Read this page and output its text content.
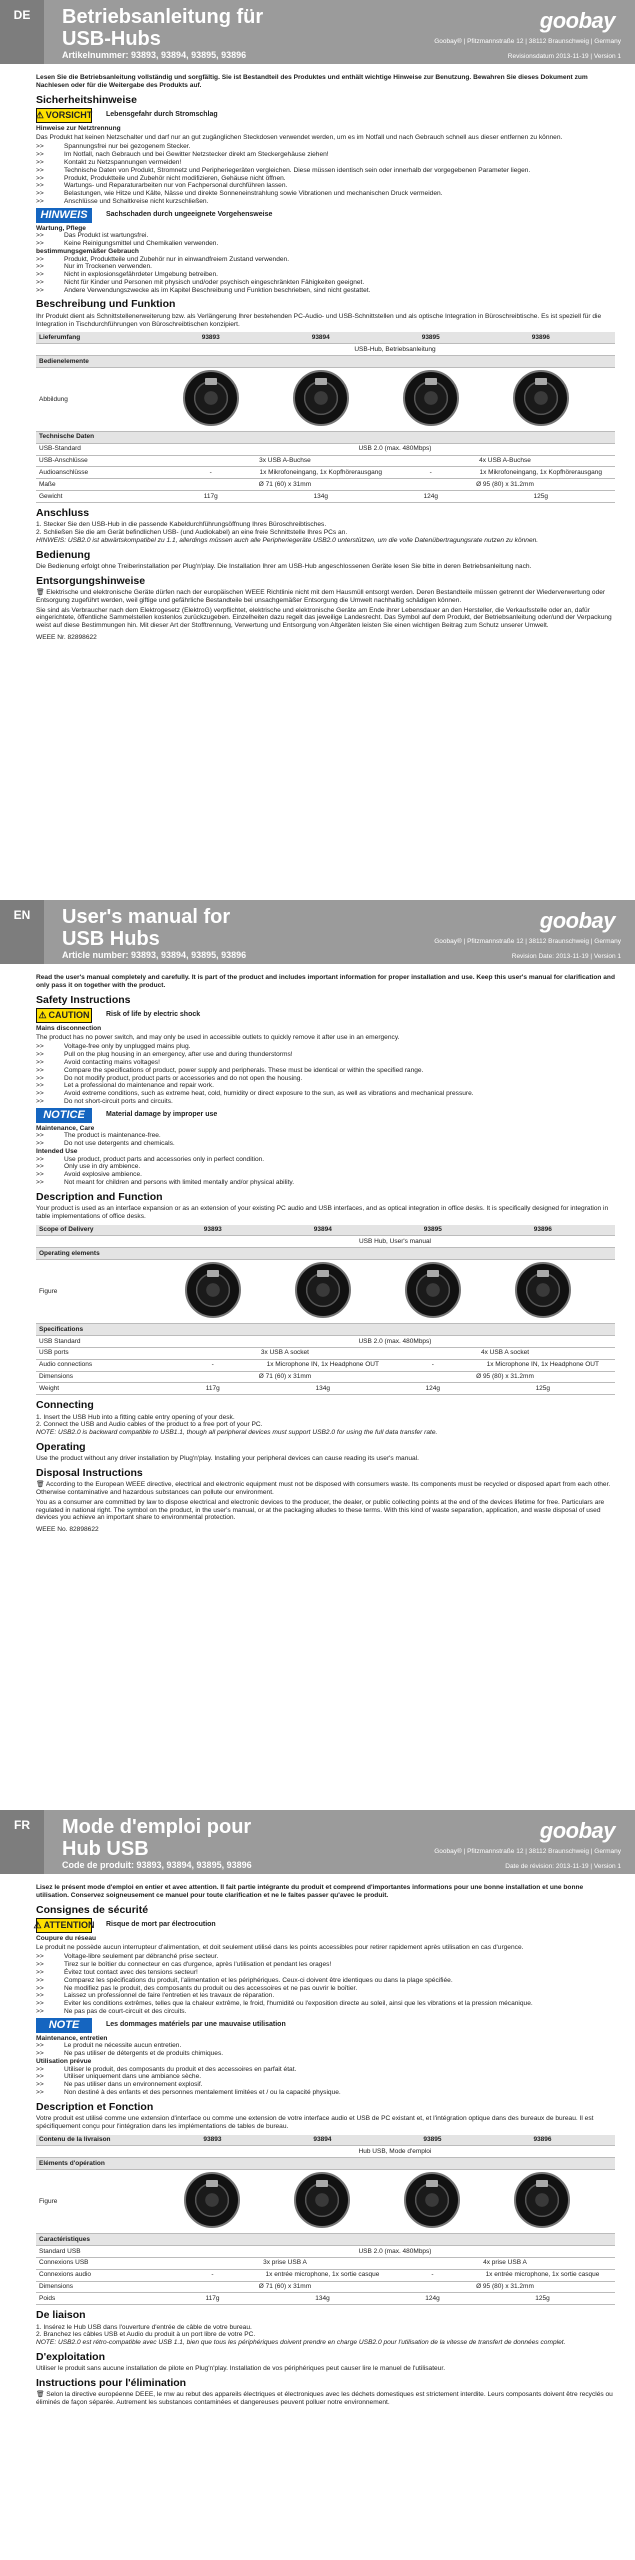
DE	Betriebsanleitung für
USB-Hubs
Artikelnummer: 93893, 93894, 93895, 93896
goobay
Goobay® | Pfitzmannstraße 12 | 38112 Braunschweig | Germany
Revisionsdatum 2013-11-19 | Version 1

Lesen Sie die Betriebsanleitung vollständig und sorgfältig. Sie ist Bestandteil des Produktes und enthält wichtige Hinweise zur Benutzung. Bewahren Sie dieses Dokument zum Nachlesen oder für die Weitergabe des Produkts auf.

Sicherheitshinweise
⚠ VORSICHT Lebensgefahr durch Stromschlag
Hinweise zur Netztrennung
Das Produkt hat keinen Netzschalter und darf nur an gut zugänglichen Steckdosen verwendet werden, um es im Notfall und nach Gebrauch schnell aus dieser entfernen zu können.
>>	Spannungsfrei nur bei gezogenem Stecker.
>>	Im Notfall, nach Gebrauch und bei Gewitter Netzstecker direkt am Steckergehäuse ziehen!
>>	Kontakt zu Netzspannungen vermeiden!
>>	Technische Daten von Produkt, Stromnetz und Peripheriegeräten vergleichen. Diese müssen identisch sein oder innerhalb der vorgegebenen Parameter liegen.
>>	Produkt, Produktteile und Zubehör nicht modifizieren, Gehäuse nicht öffnen.
>>	Wartungs- und Reparaturarbeiten nur von Fachpersonal durchführen lassen.
>>	Belastungen, wie Hitze und Kälte, Nässe und direkte Sonneneinstrahlung sowie Vibrationen und mechanischen Druck vermeiden.
>>	Anschlüsse und Schaltkreise nicht kurzschließen.
HINWEIS	Sachschaden durch ungeeignete Vorgehensweise
Wartung, Pflege
>>	Das Produkt ist wartungsfrei.
>>	Keine Reinigungsmittel und Chemikalien verwenden.
bestimmungsgemäßer Gebrauch
>>	Produkt, Produktteile und Zubehör nur in einwandfreiem Zustand verwenden.
>>	Nur im Trockenen verwenden.
>>	Nicht in explosionsgefährdeter Umgebung betreiben.
>>	Nicht für Kinder und Personen mit physisch und/oder psychisch eingeschränkten Fähigkeiten geeignet.
>>	Andere Verwendungszwecke als im Kapitel Beschreibung und Funktion beschrieben, sind nicht gestattet.
Beschreibung und Funktion
Ihr Produkt dient als Schnittstellenerweiterung bzw. als Verlängerung Ihrer bestehenden PC-Audio- und USB-Schnittstellen und als optische Integration in Büroschreibtische. Es ist speziell für die Integration in Tischdurchführungen von Büroschreibtischen konzipiert.
Lieferumfang	93893	93894	93895	93896
	USB-Hub, Betriebsanleitung			
Bedienelemente				
Abbildung				
Technische Daten				
USB-Standard	USB 2.0 (max. 480Mbps)			
USB-Anschlüsse	3x USB A-Buchse		4x USB A-Buchse	
Audioanschlüsse	-	1x Mikrofoneingang, 1x Kopfhörerausgang	-	1x Mikrofoneingang, 1x Kopfhörerausgang
Maße	Ø 71 (60) x 31mm		Ø 95 (80) x 31.2mm	
Gewicht	117g	134g	124g	125g
Anschluss
1. Stecker Sie den USB-Hub in die passende Kabeldurchführungsöffnung Ihres Büroschreibtisches.
2. Schließen Sie die am Gerät befindlichen USB- (und Audiokabel) an eine freie Schnittstelle Ihres PCs an.
HINWEIS: USB2.0 ist abwärtskompatibel zu 1.1, allerdings müssen auch alle Peripheriegeräte USB2.0 unterstützen, um die volle Datenübertragungsrate nutzen zu können.
Bedienung
Die Bedienung erfolgt ohne Treiberinstallation per Plug'n'play. Die Installation Ihrer am USB-Hub angeschlossenen Geräte lesen Sie bitte in deren Betriebsanleitung nach.
Entsorgungshinweise
🗑 Elektrische und elektronische Geräte dürfen nach der europäischen WEEE Richtlinie nicht mit dem Hausmüll entsorgt werden. Deren Bestandteile müssen getrennt der Wiederverwertung oder Entsorgung zugeführt werden, weil giftige und gefährliche Bestandteile bei unsachgemäßer Entsorgung die Umwelt nachhaltig schädigen können.
Sie sind als Verbraucher nach dem Elektrogesetz (ElektroG) verpflichtet, elektrische und elektronische Geräte am Ende ihrer Lebensdauer an den Hersteller, die Verkaufsstelle oder an, dafür eingerichtete, öffentliche Sammelstellen kostenlos zurückzugeben. Einzelheiten dazu regelt das jeweilige Landesrecht. Das Symbol auf dem Produkt, der Betriebsanleitung oder/und der Verpackung weist auf diese Bestimmungen hin. Mit dieser Art der Stofftrennung, Verwertung und Entsorgung von Altgeräten leisten Sie einen wichtigen Beitrag zum Schutz unserer Umwelt.
WEEE Nr. 82898622
EN	User's manual for
USB Hubs
Article number: 93893, 93894, 93895, 93896
goobay
Goobay® | Pfitzmannstraße 12 | 38112 Braunschweig | Germany
Revision Date: 2013-11-19 | Version 1

Read the user's manual completely and carefully. It is part of the product and includes important information for proper installation and use. Keep this user's manual for clarification and only pass it on together with the product.

Safety Instructions
⚠ CAUTION Risk of life by electric shock
Mains disconnection
The product has no power switch, and may only be used in accessible outlets to quickly remove it after use in an emergency.
>>	Voltage-free only by unplugged mains plug.
>>	Pull on the plug housing in an emergency, after use and during thunderstorms!
>>	Avoid contacting mains voltages!
>>	Compare the specifications of product, power supply and peripherals. These must be identical or within the specified range.
>>	Do not modify product, product parts or accessories and do not open the housing.
>>	Let a professional do maintenance and repair work.
>>	Avoid extreme conditions, such as extreme heat, cold, humidity or direct exposure to the sun, as well as vibrations and mechanical pressure.
>>	Do not short-circuit ports and circuits.
NOTICE	Material damage by improper use
Maintenance, Care
>>	The product is maintenance-free.
>>	Do not use detergents and chemicals.
Intended Use
>>	Use product, product parts and accessories only in perfect condition.
>>	Only use in dry ambience.
>>	Avoid explosive ambience.
>>	Not meant for children and persons with limited mentally and/or physical ability.
Description and Function
Your product is used as an interface expansion or as an extension of your existing PC audio and USB interfaces, and as optical integration in office desks. It is specifically designed for integration in table implementations of office desks.
Scope of Delivery	93893	93894	93895	93896
	USB Hub, User's manual			
Operating elements				
Figure				
Specifications				
USB Standard	USB 2.0 (max. 480Mbps)			
USB ports	3x USB A socket		4x USB A socket	
Audio connections	-	1x Microphone IN, 1x Headphone OUT	-	1x Microphone IN, 1x Headphone OUT
Dimensions	Ø 71 (60) x 31mm		Ø 95 (80) x 31.2mm	
Weight	117g	134g	124g	125g
Connecting
1. Insert the USB Hub into a fitting cable entry opening of your desk.
2. Connect the USB and Audio cables of the product to a free port of your PC.
NOTE: USB2.0 is backward compatible to USB1.1, though all peripheral devices must support USB2.0 for using the full data transfer rate.
Operating
Use the product without any driver installation by Plug'n'play. Installing your peripheral devices can cause reading its user's manual.
Disposal Instructions
🗑 According to the European WEEE directive, electrical and electronic equipment must not be disposed with consumers waste. Its components must be recycled or disposed apart from each other. Otherwise contaminative and hazardous substances can pollute our environment.
You as a consumer are committed by law to dispose electrical and electronic devices to the producer, the dealer, or public collecting points at the end of the devices lifetime for free. Particulars are regulated in national right. The symbol on the product, in the user's manual, or at the packaging alludes to these terms. With this kind of waste separation, application, and waste disposal of used devices you achieve an important share to environmental protection.
WEEE No. 82898622
FR	Mode d'emploi pour
Hub USB
Code de produit: 93893, 93894, 93895, 93896
goobay
Goobay® | Pfitzmannstraße 12 | 38112 Braunschweig | Germany
Date de révision: 2013-11-19 | Version 1

Lisez le présent mode d'emploi en entier et avec attention. Il fait partie intégrante du produit et comprend d'importantes informations pour une bonne installation et une bonne utilisation. Conservez soigneusement ce manuel pour toute clarification et ne le faites passer qu'avec le produit.

Consignes de sécurité
⚠ ATTENTION Risque de mort par électrocution
Coupure du réseau
Le produit ne possède aucun interrupteur d'alimentation, et doit seulement utilisé dans les points accessibles pour retirer rapidement après utilisation en cas d'urgence.
>>	Voltage-libre seulement par débranché prise secteur.
>>	Tirez sur le boîtier du connecteur en cas d'urgence, après l'utilisation et pendant les orages!
>>	Évitez tout contact avec des tensions secteur!
>>	Comparez les spécifications du produit, l'alimentation et les périphériques. Ceux-ci doivent être identiques ou dans la plage spécifiée.
>>	Ne modifiez pas le produit, des composants du produit ou des accessoires et ne pas ouvrir le boîtier.
>>	Laissez un professionnel de faire l'entretien et les travaux de réparation.
>>	Eviter les conditions extrêmes, telles que la chaleur extrême, le froid, l'humidité ou l'exposition directe au soleil, ainsi que les vibrations et la pression mécanique.
>>	Ne pas pas de court-circuit et des circuits.
NOTE	Les dommages matériels par une mauvaise utilisation
Maintenance, entretien
>>	Le produit ne nécessite aucun entretien.
>>	Ne pas utiliser de détergents et de produits chimiques.
Utilisation prévue
>>	Utiliser le produit, des composants du produit et des accessoires en parfait état.
>>	Utiliser uniquement dans une ambiance sèche.
>>	Ne pas utiliser dans un environnement explosif.
>>	Non destiné à des enfants et des personnes mentalement limitées et / ou la capacité physique.
Description et Fonction
Votre produit est utilisé comme une extension d'interface ou comme une extension de votre interface audio et USB de PC existant et, et l'intégration optique dans des bureaux de bureau. Il est spécifiquement conçu pour l'intégration dans les implémentations de tables de bureau.
Contenu de la livraison	93893	93894	93895	93896
	Hub USB, Mode d'emploi			
Eléments d'opération				
Figure				
Caractéristiques				
Standard USB	USB 2.0 (max. 480Mbps)			
Connexions USB	3x prise USB A		4x prise USB A	
Connexions audio	-	1x entrée microphone, 1x sortie casque	-	1x entrée microphone, 1x sortie casque
Dimensions	Ø 71 (60) x 31mm		Ø 95 (80) x 31.2mm	
Poids	117g	134g	124g	125g
De liaison
1. Insérez le Hub USB dans l'ouverture d'entrée de câble de votre bureau.
2. Branchez les câbles USB et Audio du produit à un port libre de votre PC.
NOTE: USB2.0 est rétro-compatible avec USB 1.1, bien que tous les périphériques doivent prendre en charge USB2.0 pour l'utilisation de la vitesse de transfert de données complet.
D'exploitation
Utiliser le produit sans aucune installation de pilote en Plug'n'play. Installation de vos périphériques peut causer lire le manuel de l'utilisateur.
Instructions pour l'élimination
🗑 Selon la directive européenne DEEE, le rnw au rebut des appareils électriques et électroniques avec les déchets domestiques est strictement interdite. Leurs composants doivent être recyclés ou éliminés de façon séparée. Autrement les substances contaminées et dangereuses peuvent polluer notre environnement.
